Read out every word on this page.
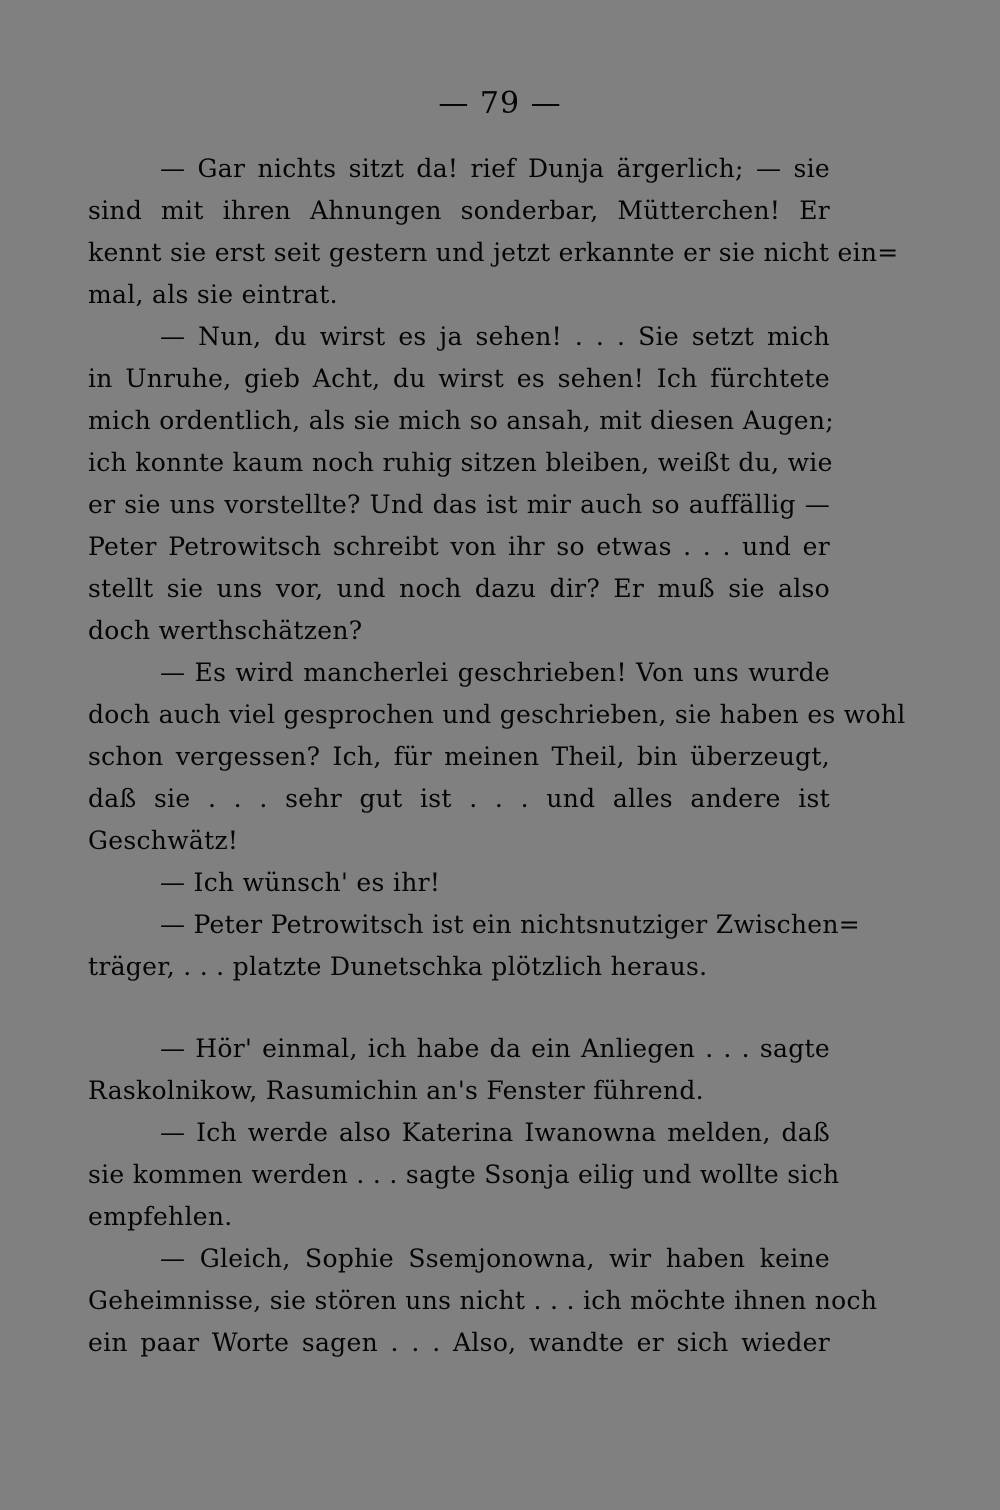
— 79 —
— Gar nichts sitzt da! rief Dunja ärgerlich; — sie
sind mit ihren Ahnungen sonderbar, Mütterchen! Er
kennt sie erst seit gestern und jetzt erkannte er sie nicht ein=
mal, als sie eintrat.
— Nun, du wirst es ja sehen! . . . Sie setzt mich
in Unruhe, gieb Acht, du wirst es sehen! Ich fürchtete
mich ordentlich, als sie mich so ansah, mit diesen Augen;
ich konnte kaum noch ruhig sitzen bleiben, weißt du, wie
er sie uns vorstellte? Und das ist mir auch so auffällig —
Peter Petrowitsch schreibt von ihr so etwas . . . und er
stellt sie uns vor, und noch dazu dir? Er muß sie also
doch werthschätzen?
— Es wird mancherlei geschrieben! Von uns wurde
doch auch viel gesprochen und geschrieben, sie haben es wohl
schon vergessen? Ich, für meinen Theil, bin überzeugt,
daß sie . . . sehr gut ist . . . und alles andere ist
Geschwätz!
— Ich wünsch' es ihr!
— Peter Petrowitsch ist ein nichtsnutziger Zwischen=
träger, . . . platzte Dunetschka plötzlich heraus.
— Hör' einmal, ich habe da ein Anliegen . . . sagte
Raskolnikow, Rasumichin an's Fenster führend.
— Ich werde also Katerina Iwanowna melden, daß
sie kommen werden . . . sagte Ssonja eilig und wollte sich
empfehlen.
— Gleich, Sophie Ssemjonowna, wir haben keine
Geheimnisse, sie stören uns nicht . . . ich möchte ihnen noch
ein paar Worte sagen . . . Also, wandte er sich wieder
